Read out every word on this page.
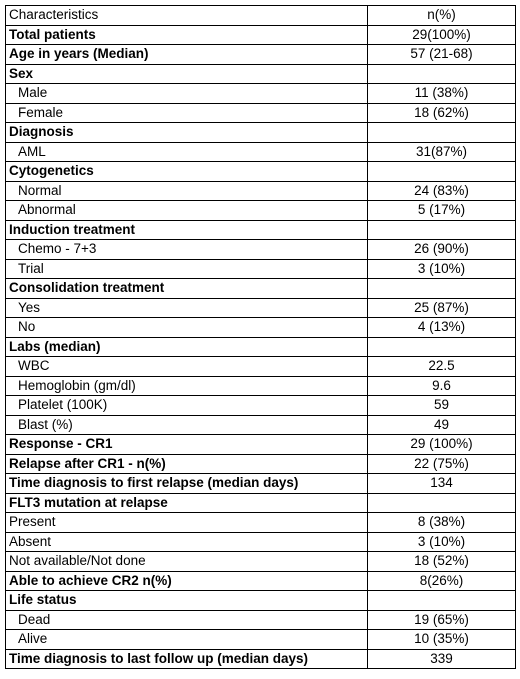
Characteristics	n(%)
Total patients	29(100%)
Age in years (Median)	57 (21-68)
Sex	
Male	11 (38%)
Female	18 (62%)
Diagnosis	
AML	31(87%)
Cytogenetics	
Normal	24 (83%)
Abnormal	5 (17%)
Induction treatment	
Chemo - 7+3	26 (90%)
Trial	3 (10%)
Consolidation treatment	
Yes	25 (87%)
No	4 (13%)
Labs (median)	
WBC	22.5
Hemoglobin (gm/dl)	9.6
Platelet (100K)	59
Blast (%)	49
Response - CR1	29 (100%)
Relapse after CR1 - n(%)	22 (75%)
Time diagnosis to first relapse (median days)	134
FLT3 mutation at relapse	
Present	8 (38%)
Absent	3 (10%)
Not available/Not done	18 (52%)
Able to achieve CR2 n(%)	8(26%)
Life status	
Dead	19 (65%)
Alive	10 (35%)
Time diagnosis to last follow up (median days)	339
